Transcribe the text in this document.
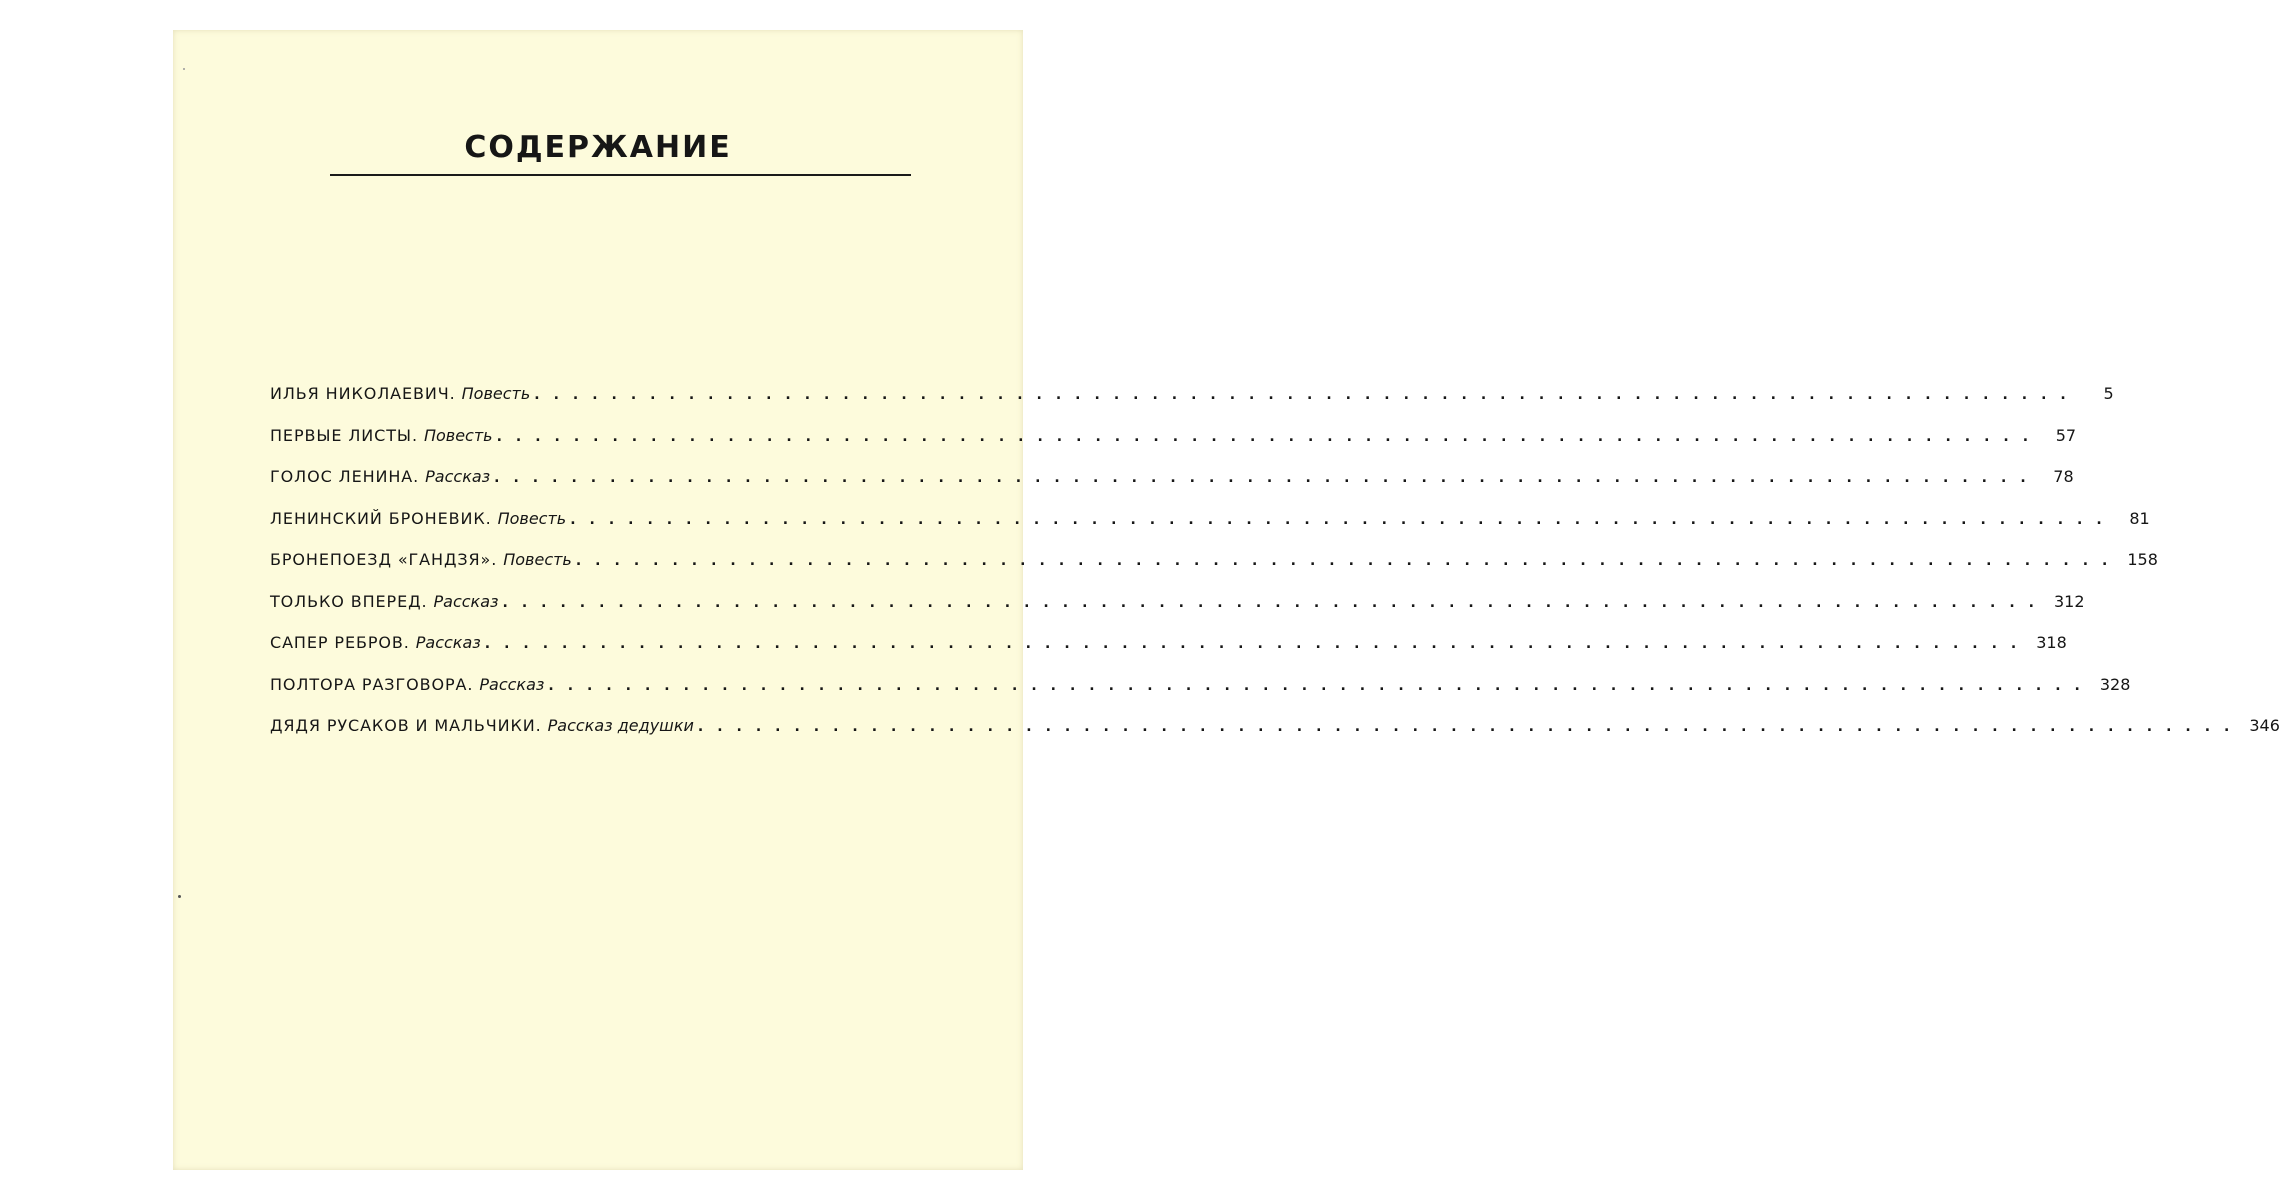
СОДЕРЖАНИЕ
ИЛЬЯ НИКОЛАЕВИЧ. Повесть ................................................................................	5
ПЕРВЫЕ ЛИСТЫ. Повесть ................................................................................ 57
ГОЛОС ЛЕНИНА. Рассказ ................................................................................ 78
ЛЕНИНСКИЙ БРОНЕВИК. Повесть ................................................................................ 81
БРОНЕПОЕЗД «ГАНДЗЯ». Повесть ................................................................................ 158
ТОЛЬКО ВПЕРЕД. Рассказ ................................................................................ 312
САПЕР РЕБРОВ. Рассказ ................................................................................ 318
ПОЛТОРА РАЗГОВОРА. Рассказ ................................................................................ 328
ДЯДЯ РУСАКОВ И МАЛЬЧИКИ. Рассказ дедушки ................................................................................ 346
